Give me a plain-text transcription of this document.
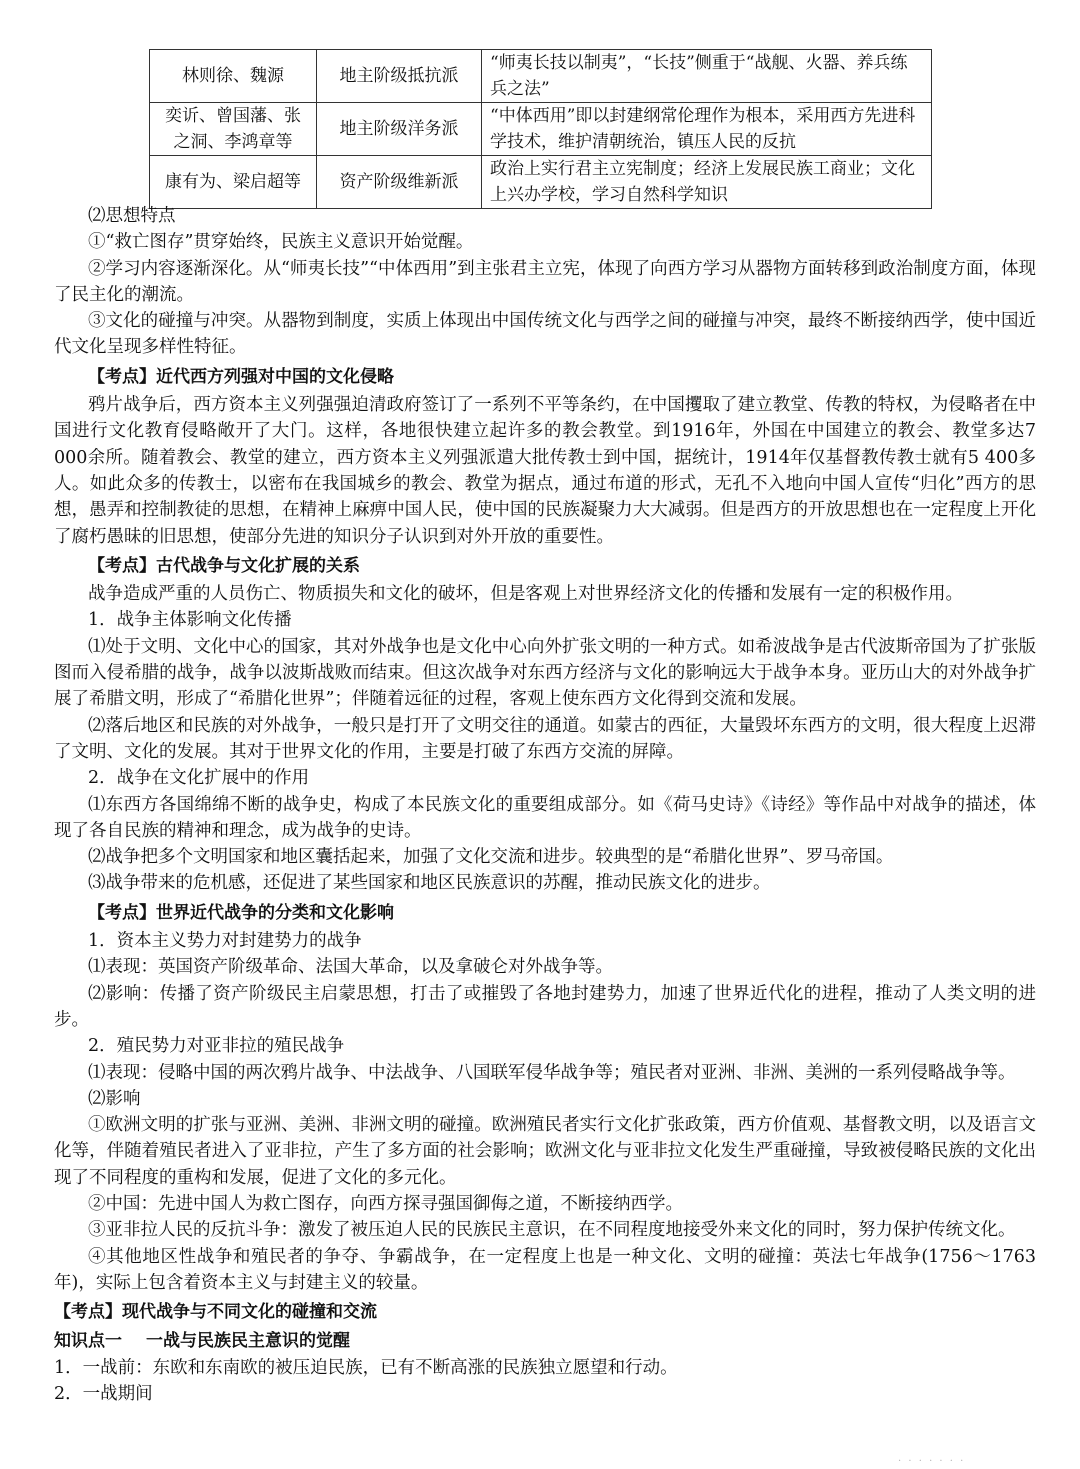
林则徐、魏源	地主阶级抵抗派	“师夷长技以制夷”，“长技”侧重于“战舰、火器、养兵练兵之法”
奕䜣、曾国藩、张之洞、李鸿章等	地主阶级洋务派	“中体西用”即以封建纲常伦理作为根本，采用西方先进科学技术，维护清朝统治，镇压人民的反抗
康有为、梁启超等	资产阶级维新派	政治上实行君主立宪制度；经济上发展民族工商业；文化上兴办学校，学习自然科学知识

⑵思想特点

①“救亡图存”贯穿始终，民族主义意识开始觉醒。

②学习内容逐渐深化。从“师夷长技”“中体西用”到主张君主立宪，体现了向西方学习从器物方面转移到政治制度方面，体现了民主化的潮流。

③文化的碰撞与冲突。从器物到制度，实质上体现出中国传统文化与西学之间的碰撞与冲突，最终不断接纳西学，使中国近代文化呈现多样性特征。

【考点】近代西方列强对中国的文化侵略

鸦片战争后，西方资本主义列强强迫清政府签订了一系列不平等条约，在中国攫取了建立教堂、传教的特权，为侵略者在中国进行文化教育侵略敞开了大门。这样，各地很快建立起许多的教会教堂。到1916年，外国在中国建立的教会、教堂多达7 000余所。随着教会、教堂的建立，西方资本主义列强派遣大批传教士到中国，据统计，1914年仅基督教传教士就有5 400多人。如此众多的传教士，以密布在我国城乡的教会、教堂为据点，通过布道的形式，无孔不入地向中国人宣传“归化”西方的思想，愚弄和控制教徒的思想，在精神上麻痹中国人民，使中国的民族凝聚力大大减弱。但是西方的开放思想也在一定程度上开化了腐朽愚昧的旧思想，使部分先进的知识分子认识到对外开放的重要性。

【考点】古代战争与文化扩展的关系

战争造成严重的人员伤亡、物质损失和文化的破坏，但是客观上对世界经济文化的传播和发展有一定的积极作用。

1．战争主体影响文化传播

⑴处于文明、文化中心的国家，其对外战争也是文化中心向外扩张文明的一种方式。如希波战争是古代波斯帝国为了扩张版图而入侵希腊的战争，战争以波斯战败而结束。但这次战争对东西方经济与文化的影响远大于战争本身。亚历山大的对外战争扩展了希腊文明，形成了“希腊化世界”；伴随着远征的过程，客观上使东西方文化得到交流和发展。

⑵落后地区和民族的对外战争，一般只是打开了文明交往的通道。如蒙古的西征，大量毁坏东西方的文明，很大程度上迟滞了文明、文化的发展。其对于世界文化的作用，主要是打破了东西方交流的屏障。

2．战争在文化扩展中的作用

⑴东西方各国绵绵不断的战争史，构成了本民族文化的重要组成部分。如《荷马史诗》《诗经》等作品中对战争的描述，体现了各自民族的精神和理念，成为战争的史诗。

⑵战争把多个文明国家和地区囊括起来，加强了文化交流和进步。较典型的是“希腊化世界”、罗马帝国。

⑶战争带来的危机感，还促进了某些国家和地区民族意识的苏醒，推动民族文化的进步。

【考点】世界近代战争的分类和文化影响

1．资本主义势力对封建势力的战争

⑴表现：英国资产阶级革命、法国大革命，以及拿破仑对外战争等。

⑵影响：传播了资产阶级民主启蒙思想，打击了或摧毁了各地封建势力，加速了世界近代化的进程，推动了人类文明的进步。

2．殖民势力对亚非拉的殖民战争

⑴表现：侵略中国的两次鸦片战争、中法战争、八国联军侵华战争等；殖民者对亚洲、非洲、美洲的一系列侵略战争等。

⑵影响

①欧洲文明的扩张与亚洲、美洲、非洲文明的碰撞。欧洲殖民者实行文化扩张政策，西方价值观、基督教文明，以及语言文化等，伴随着殖民者进入了亚非拉，产生了多方面的社会影响；欧洲文化与亚非拉文化发生严重碰撞，导致被侵略民族的文化出现了不同程度的重构和发展，促进了文化的多元化。

②中国：先进中国人为救亡图存，向西方探寻强国御侮之道，不断接纳西学。

③亚非拉人民的反抗斗争：激发了被压迫人民的民族民主意识，在不同程度地接受外来文化的同时，努力保护传统文化。

④其他地区性战争和殖民者的争夺、争霸战争，在一定程度上也是一种文化、文明的碰撞：英法七年战争(1756～1763年)，实际上包含着资本主义与封建主义的较量。

【考点】现代战争与不同文化的碰撞和交流

知识点一 一战与民族民主意识的觉醒

1．一战前：东欧和东南欧的被压迫民族，已有不断高涨的民族独立愿望和行动。

2．一战期间

· · · · · · ·
